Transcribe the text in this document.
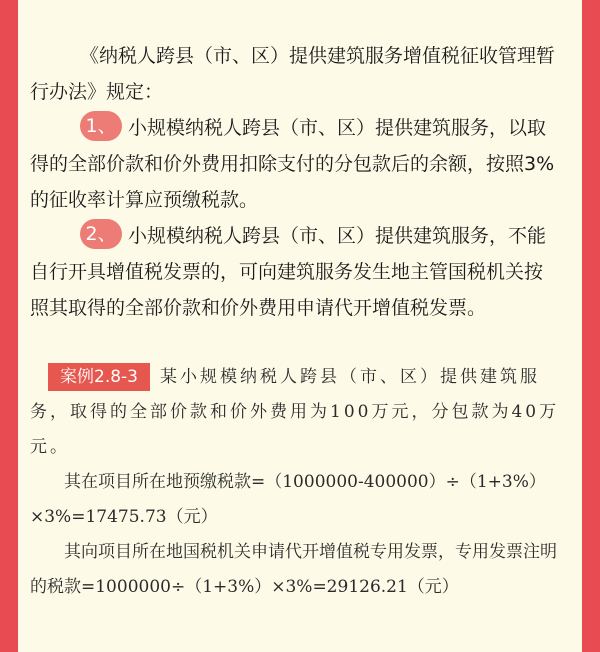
《纳税人跨县（市、区）提供建筑服务增值税征收管理暂行办法》规定：

1、 小规模纳税人跨县（市、区）提供建筑服务，以取得的全部价款和价外费用扣除支付的分包款后的余额，按照3%的征收率计算应预缴税款。

2、 小规模纳税人跨县（市、区）提供建筑服务，不能自行开具增值税发票的，可向建筑服务发生地主管国税机关按照其取得的全部价款和价外费用申请代开增值税发票。

案例2.8-3 某小规模纳税人跨县（市、区）提供建筑服务，取得的全部价款和价外费用为100万元，分包款为40万元。

其在项目所在地预缴税款=（1000000-400000）÷（1+3%）×3%=17475.73（元）

其向项目所在地国税机关申请代开增值税专用发票，专用发票注明的税款=1000000÷（1+3%）×3%=29126.21（元）
